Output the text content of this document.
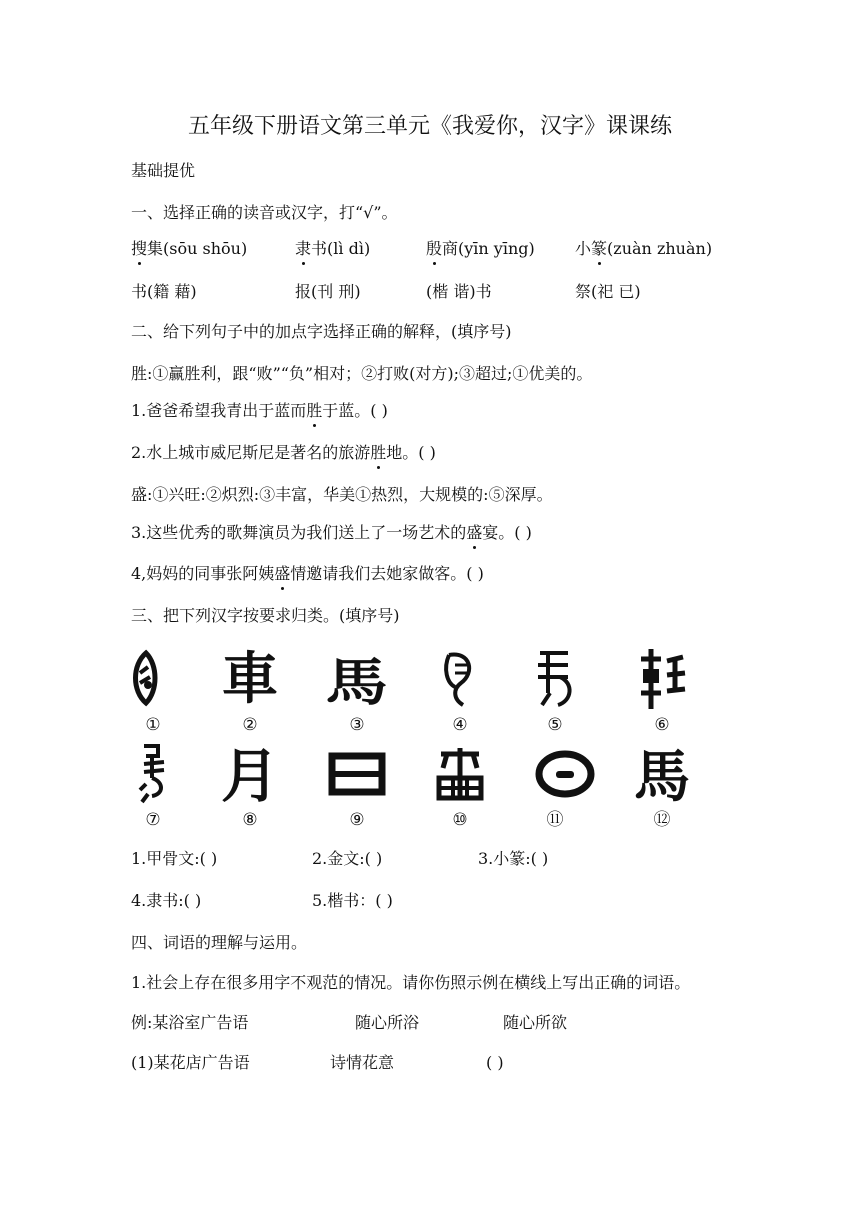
五年级下册语文第三单元《我爱你，汉字》课课练
基础提优
一、选择正确的读音或汉字，打“√”。
搜集(sōu shōu)	隶书(lì dì)	殷商(yīn yīng)	小篆(zuàn zhuàn)
书(籍 藉)	报(刊 刑)	(楷 谐)书	祭(祀 已)
二、给下列句子中的加点字选择正确的解释，(填序号)
胜:①赢胜利，跟“败”“负”相对；②打败(对方);③超过;①优美的。
1.爸爸希望我青出于蓝而胜于蓝。( )
2.水上城市威尼斯尼是著名的旅游胜地。( )
盛:①兴旺:②炽烈:③丰富，华美①热烈，大规模的:⑤深厚。
3.这些优秀的歌舞演员为我们送上了一场艺术的盛宴。( )
4,妈妈的同事张阿姨盛情邀请我们去她家做客。( )
三、把下列汉字按要求归类。(填序号)
車 馬
①	②	③	④	⑤	⑥
月	馬
⑦	⑧	⑨	⑩	⑪	⑫
1.甲骨文:( )	2.金文:( )	3.小篆:( )
4.隶书:( )	5.楷书：( )
四、词语的理解与运用。
1.社会上存在很多用字不观范的情况。请你伤照示例在横线上写出正确的词语。
例:某浴室广告语	随心所浴	随心所欲
(1)某花店广告语	诗情花意	( )
